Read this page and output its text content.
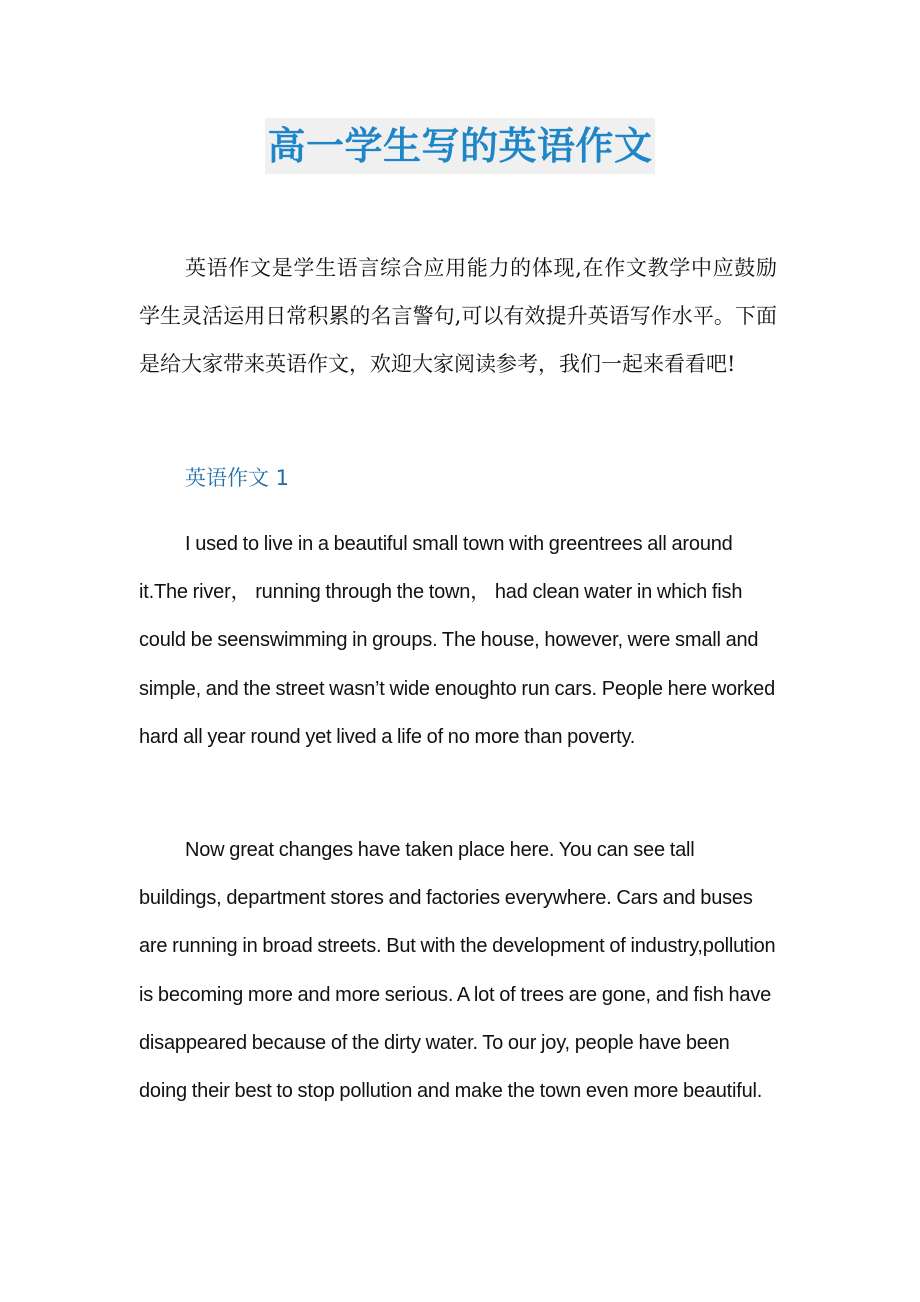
高一学生写的英语作文

英语作文是学生语言综合应用能力的体现,在作文教学中应鼓励学生灵活运用日常积累的名言警句,可以有效提升英语写作水平。下面是给大家带来英语作文，欢迎大家阅读参考，我们一起来看看吧!

英语作文 1

I used to live in a beautiful small town with greentrees all around it.The river， running through the town， had clean water in which fish could be seenswimming in groups. The house, however, were small and simple, and the street wasn’t wide enoughto run cars. People here worked hard all year round yet lived a life of no more than poverty.

Now great changes have taken place here. You can see tall buildings, department stores and factories everywhere. Cars and buses are running in broad streets. But with the development of industry,pollution is becoming more and more serious. A lot of trees are gone, and fish have disappeared because of the dirty water. To our joy, people have been doing their best to stop pollution and make the town even more beautiful.
